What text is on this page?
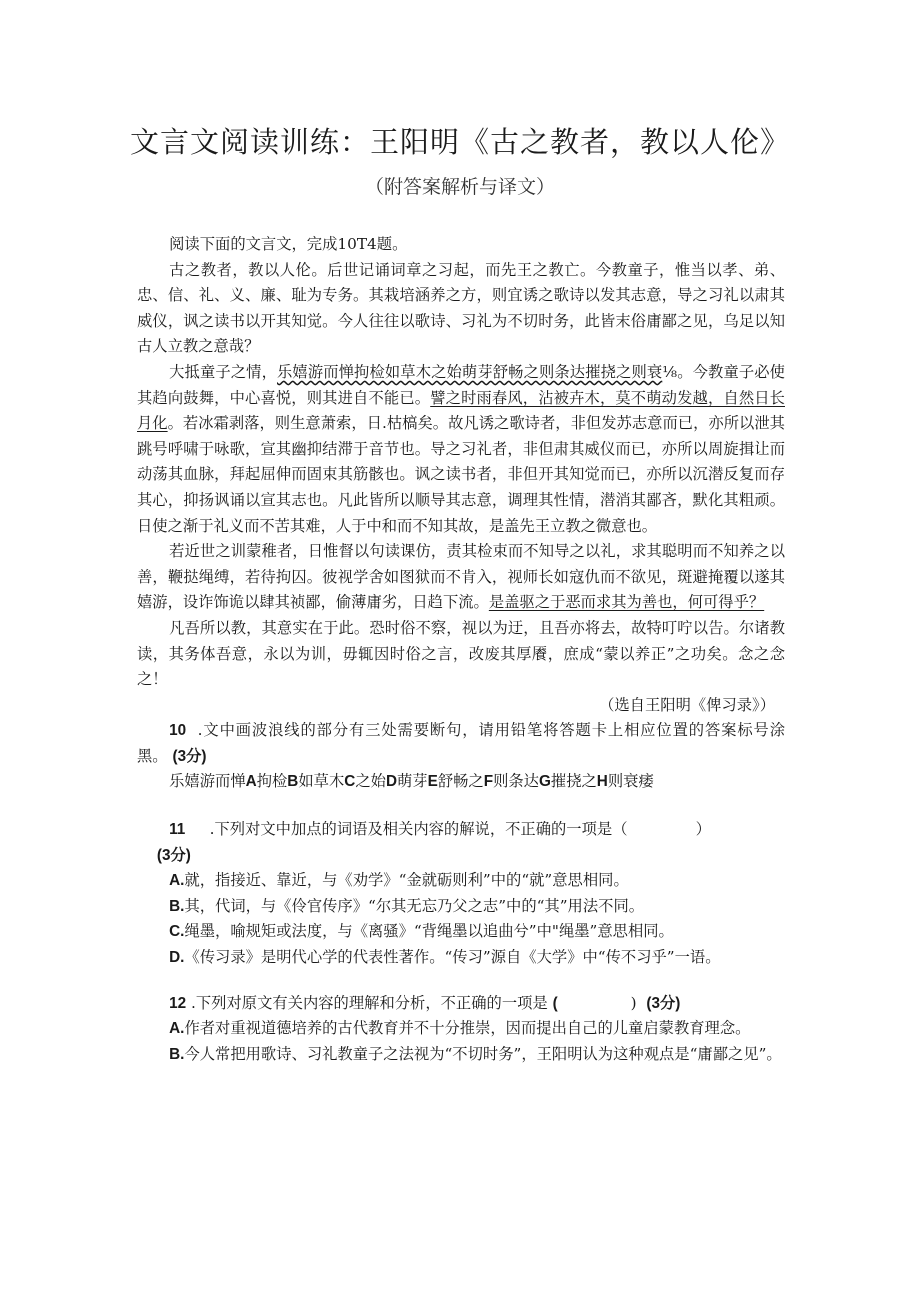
文言文阅读训练：王阳明《古之教者，教以人伦》
（附答案解析与译文）

阅读下面的文言文，完成10T4题。

古之教者，教以人伦。后世记诵词章之习起，而先王之教亡。今教童子，惟当以孝、弟、忠、信、礼、义、廉、耻为专务。其栽培涵养之方，则宜诱之歌诗以发其志意，导之习礼以肃其威仪，讽之读书以开其知觉。今人往往以歌诗、习礼为不切时务，此皆末俗庸鄙之见，乌足以知古人立教之意哉？

大抵童子之情，乐嬉游而惮拘检如草木之始萌芽舒畅之则条达摧挠之则衰⅛。今教童子必使其趋向鼓舞，中心喜悦，则其进自不能已。譬之时雨春风，沾被卉木，莫不萌动发越，自然日长月化。若冰霜剥落，则生意萧索，日.枯槁矣。故凡诱之歌诗者，非但发苏志意而已，亦所以泄其跳号呼啸于咏歌，宣其幽抑结滞于音节也。导之习礼者，非但肃其威仪而已，亦所以周旋揖让而动荡其血脉，拜起屈伸而固束其筋骸也。讽之读书者，非但开其知觉而已，亦所以沉潜反复而存其心，抑扬讽诵以宣其志也。凡此皆所以顺导其志意，调理其性情，潜消其鄙吝，默化其粗顽。日使之渐于礼义而不苦其难，人于中和而不知其故，是盖先王立教之微意也。

若近世之训蒙稚者，日惟督以句读课仿，责其检束而不知导之以礼，求其聪明而不知养之以善，鞭挞绳缚，若待拘囚。彼视学舍如图狱而不肯入，视师长如寇仇而不欲见，斑避掩覆以遂其嬉游，设诈饰诡以肆其祯鄙，偷薄庸劣，日趋下流。是盖驱之于恶而求其为善也，何可得乎？

凡吾所以教，其意实在于此。恐时俗不察，视以为迂，且吾亦将去，故特叮咛以告。尔诸教读，其务体吾意，永以为训，毋辄因时俗之言，改废其厚餍，庶成“蒙以养正”之功矣。念之念之！

（选自王阳明《俾习录》）

10 .文中画波浪线的部分有三处需要断句，请用铅笔将答题卡上相应位置的答案标号涂黑。 (3分)

乐嬉游而惮A拘检B如草木C之始D萌芽E舒畅之F则条达G摧挠之H则衰痿

11 .下列对文中加点的词语及相关内容的解说，不正确的一项是（	）

(3分)

A.就，指接近、靠近，与《劝学》“金就砺则利”中的“就”意思相同。

B.其，代词，与《伶官传序》“尔其无忘乃父之志”中的“其”用法不同。

C.绳墨，喻规矩或法度，与《离骚》“背绳墨以追曲兮”中"绳墨”意思相同。

D.《传习录》是明代心学的代表性著作。“传习”源自《大学》中“传不习乎”一语。

12 .下列对原文有关内容的理解和分析，不正确的一项是 (	) (3分)

A.作者对重视道德培养的古代教育并不十分推崇，因而提出自己的儿童启蒙教育理念。

B.今人常把用歌诗、习礼教童子之法视为“不切时务”，王阳明认为这种观点是“庸鄙之见”。
